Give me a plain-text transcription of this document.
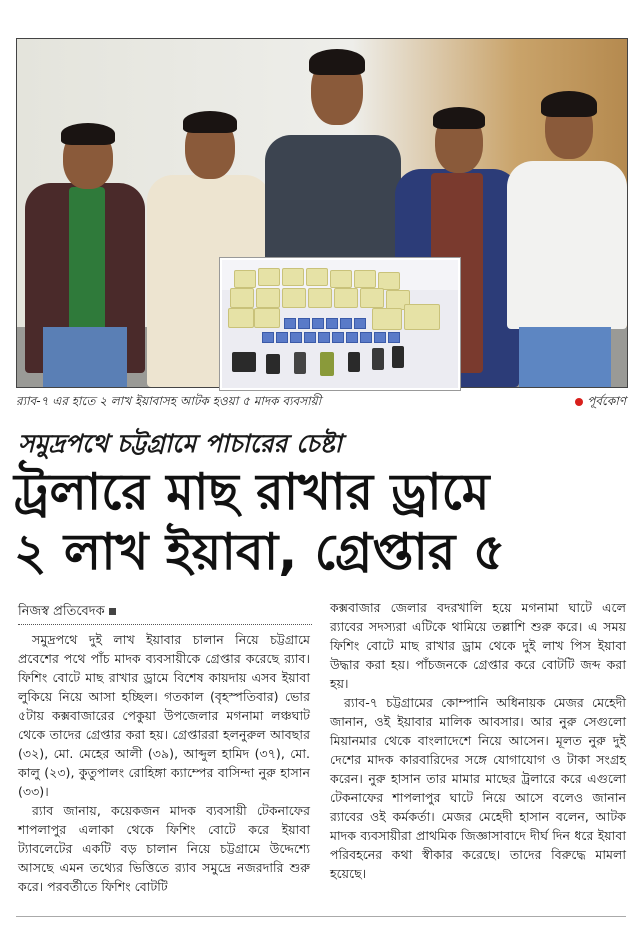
র‍্যাব-৭ এর হাতে ২ লাখ ইয়াবাসহ আটক হওয়া ৫ মাদক ব্যবসায়ী	পূর্বকোণ
সমুদ্রপথে চট্টগ্রামে পাচারের চেষ্টা
ট্রলারে মাছ রাখার ড্রামে
২ লাখ ইয়াবা, গ্রেপ্তার ৫
নিজস্ব প্রতিবেদক

সমুদ্রপথে দুই লাখ ইয়াবার চালান নিয়ে চট্টগ্রামে প্রবেশের পথে পাঁচ মাদক ব্যবসায়ীকে গ্রেপ্তার করেছে র‍্যাব। ফিশিং বোটে মাছ রাখার ড্রামে বিশেষ কায়দায় এসব ইয়াবা লুকিয়ে নিয়ে আসা হচ্ছিল। গতকাল (বৃহস্পতিবার) ভোর ৫টায় কক্সবাজারের পেকুয়া উপজেলার মগনামা লঞ্চঘাট থেকে তাদের গ্রেপ্তার করা হয়। গ্রেপ্তাররা হলনুরুল আবছার (৩২), মো. মেহের আলী (৩৯), আব্দুল হামিদ (৩৭), মো. কালু (২৩), কুতুপালং রোহিঙ্গা ক্যাম্পের বাসিন্দা নুরু হাসান (৩৩)।

র‍্যাব জানায়, কয়েকজন মাদক ব্যবসায়ী টেকনাফের শাপলাপুর এলাকা থেকে ফিশিং বোটে করে ইয়াবা ট্যাবলেটের একটি বড় চালান নিয়ে চট্টগ্রামে উদ্দেশ্যে আসছে এমন তথ্যের ভিত্তিতে র‍্যাব সমুদ্রে নজরদারি শুরু করে। পরবর্তীতে ফিশিং বোটটি

কক্সবাজার জেলার বদরখালি হয়ে মগনামা ঘাটে এলে র‍্যাবের সদস্যরা এটিকে থামিয়ে তল্লাশি শুরু করে। এ সময় ফিশিং বোটে মাছ রাখার ড্রাম থেকে দুই লাখ পিস ইয়াবা উদ্ধার করা হয়। পাঁচজনকে গ্রেপ্তার করে বোটটি জব্দ করা হয়।

র‍্যাব-৭ চট্টগ্রামের কোম্পানি অধিনায়ক মেজর মেহেদী জানান, ওই ইয়াবার মালিক আবসার। আর নুরু সেগুলো মিয়ানমার থেকে বাংলাদেশে নিয়ে আসেন। মূলত নুরু দুই দেশের মাদক কারবারিদের সঙ্গে যোগাযোগ ও টাকা সংগ্রহ করেন। নুরু হাসান তার মামার মাছের ট্রলারে করে এগুলো টেকনাফের শাপলাপুর ঘাটে নিয়ে আসে বলেও জানান র‍্যাবের ওই কর্মকর্তা। মেজর মেহেদী হাসান বলেন, আটক মাদক ব্যবসায়ীরা প্রাথমিক জিজ্ঞাসাবাদে দীর্ঘ দিন ধরে ইয়াবা পরিবহনের কথা স্বীকার করেছে। তাদের বিরুদ্ধে মামলা হয়েছে।
